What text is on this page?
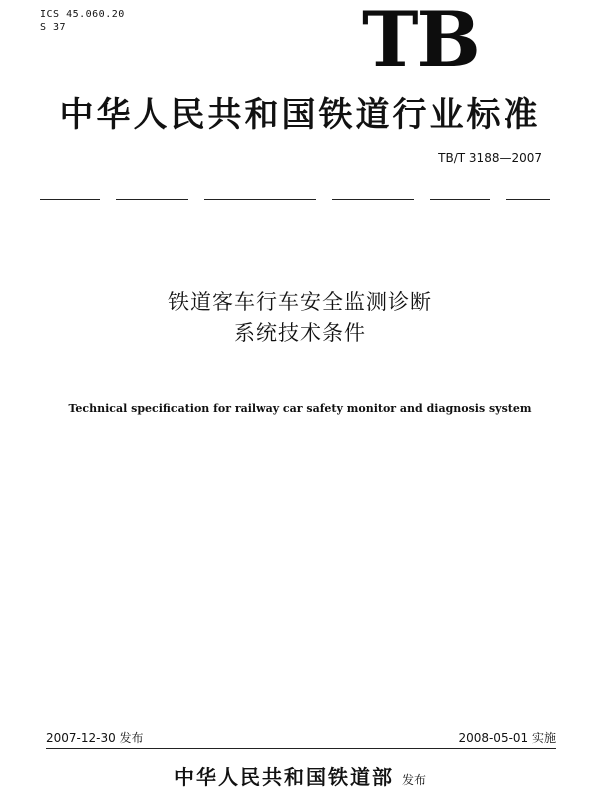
ICS 45.060.20
S 37	TB
中华人民共和国铁道行业标准
TB/T 3188—2007
铁道客车行车安全监测诊断
系统技术条件
Technical specification for railway car safety monitor and diagnosis system
2007-12-30 发布	2008-05-01 实施
中华人民共和国铁道部 发布
